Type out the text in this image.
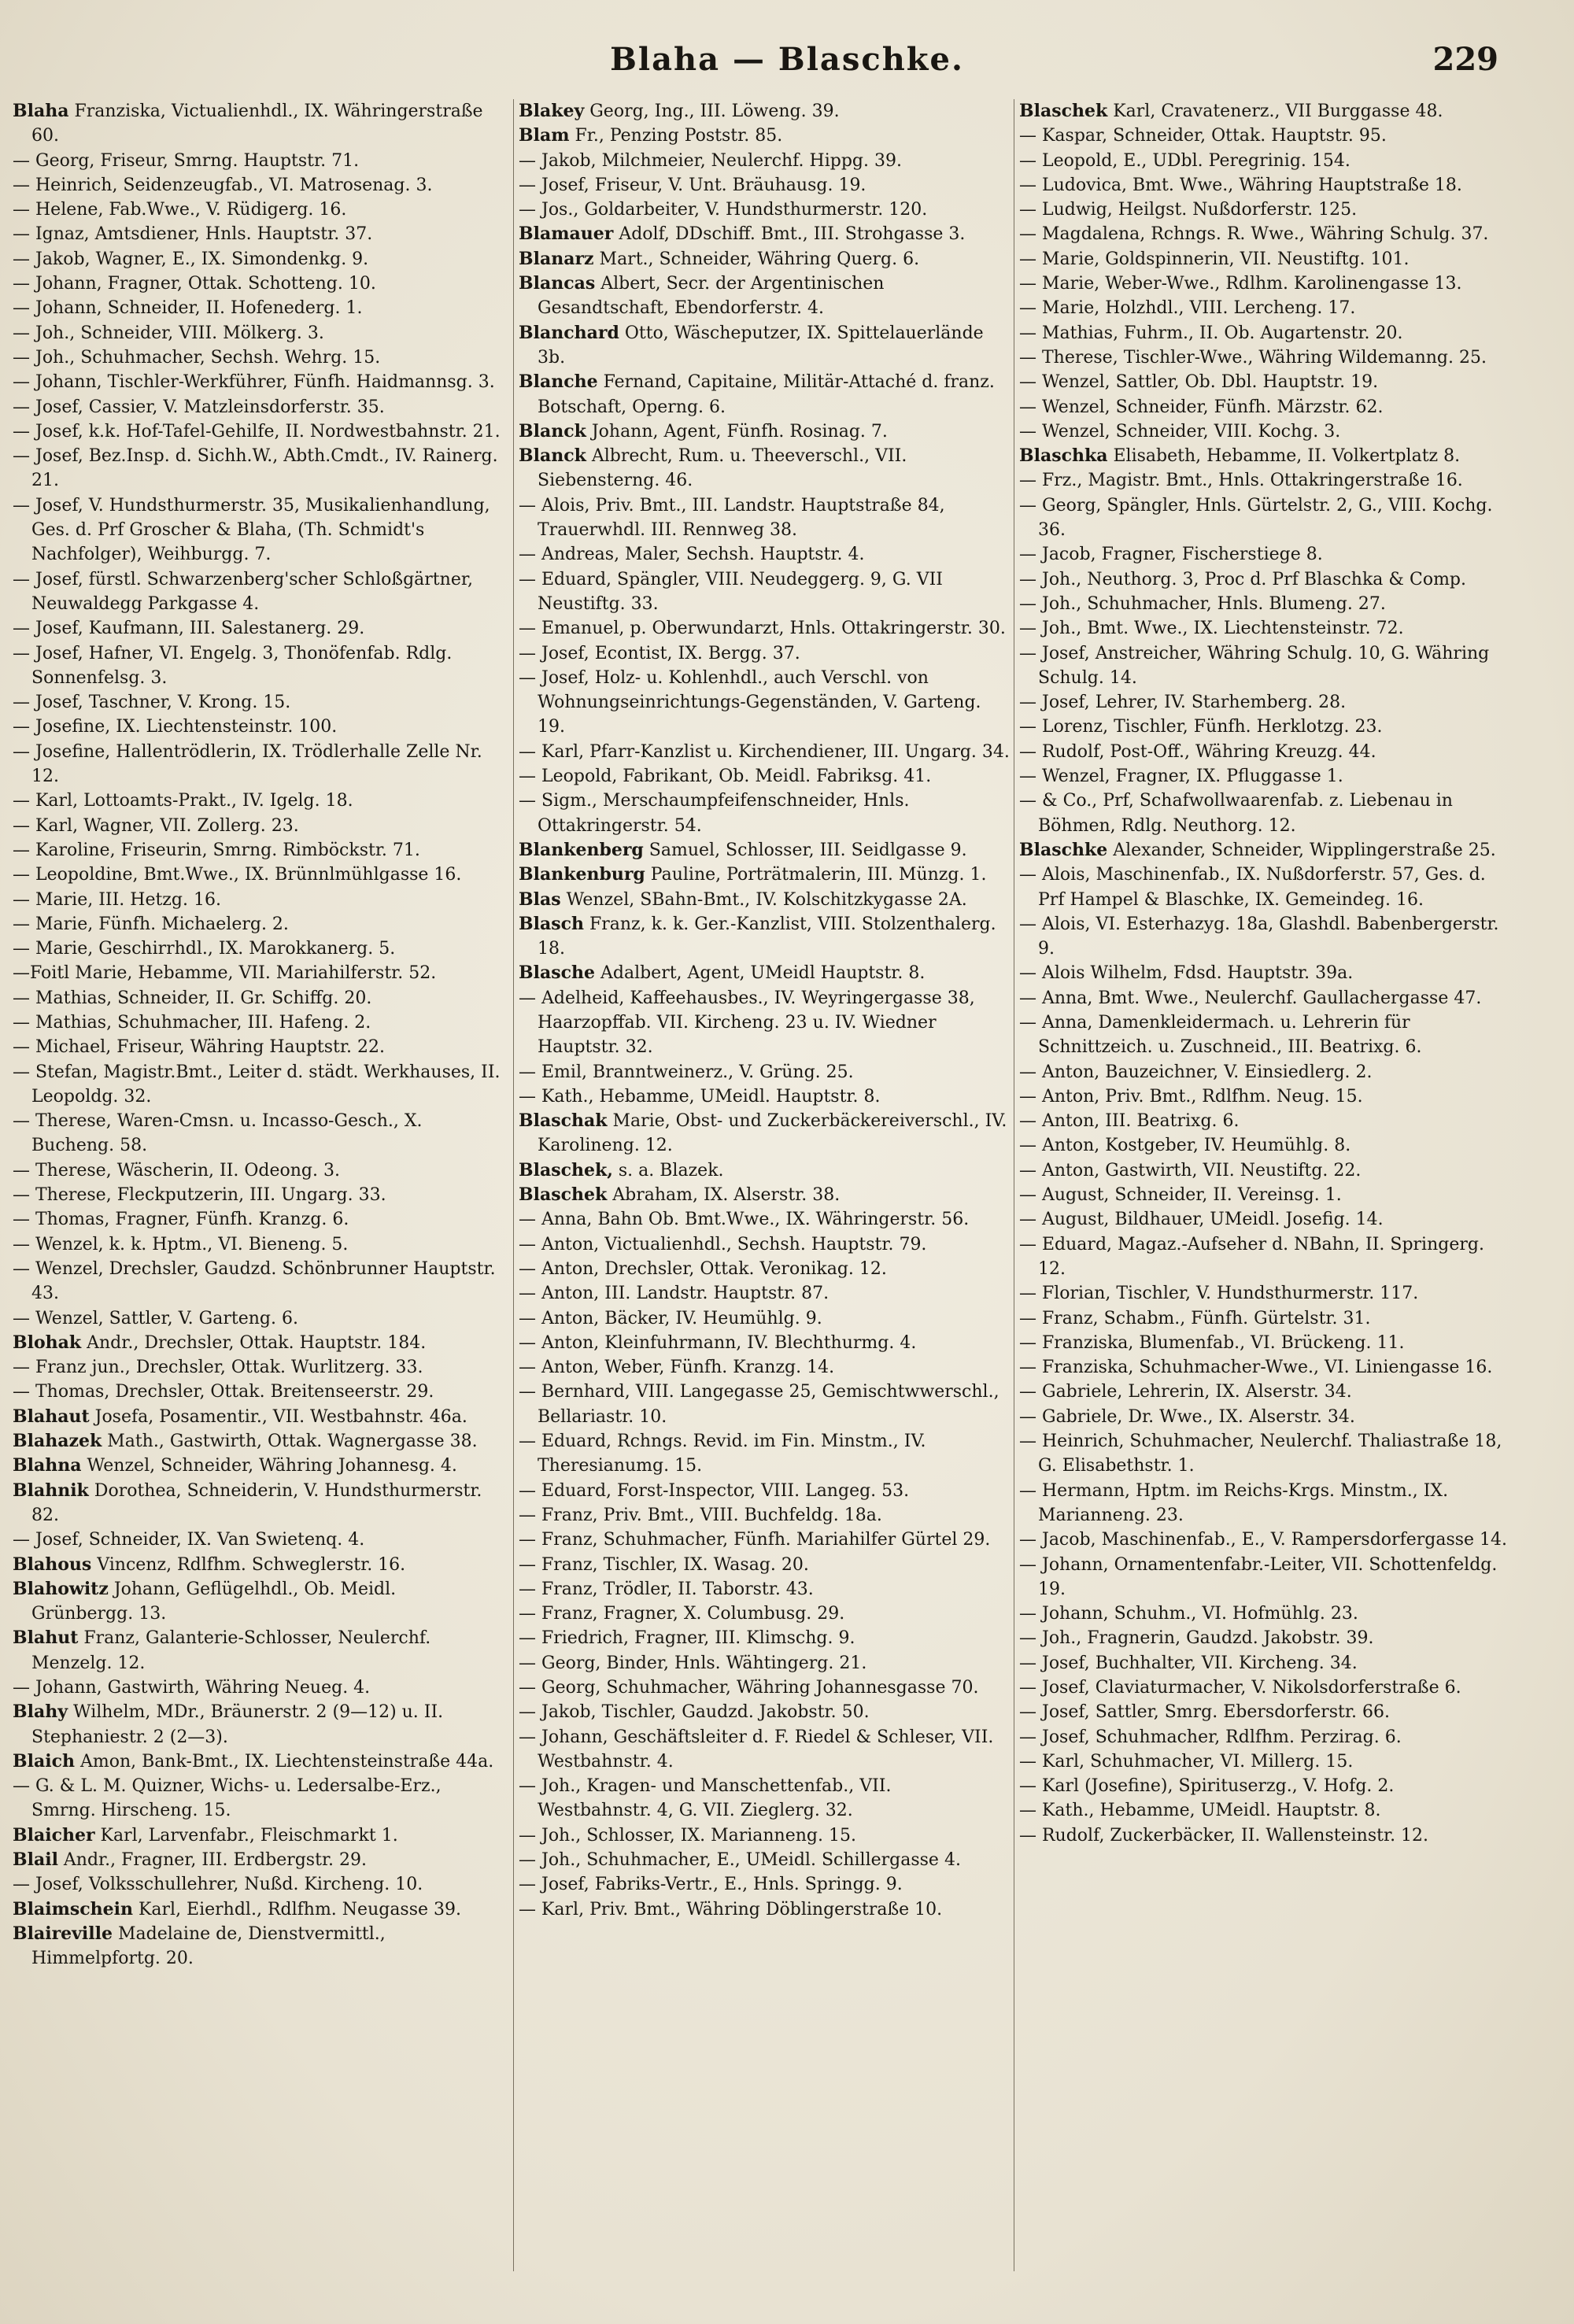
Blaha — Blaschke.	229

Blaha Franziska, Victualienhdl., IX. Währingerstraße 60.

— Georg, Friseur, Smrng. Hauptstr. 71.

— Heinrich, Seidenzeugfab., VI. Matrosenag. 3.

— Helene, Fab.Wwe., V. Rüdigerg. 16.

— Ignaz, Amtsdiener, Hnls. Hauptstr. 37.

— Jakob, Wagner, E., IX. Simondenkg. 9.

— Johann, Fragner, Ottak. Schotteng. 10.

— Johann, Schneider, II. Hofenederg. 1.

— Joh., Schneider, VIII. Mölkerg. 3.

— Joh., Schuhmacher, Sechsh. Wehrg. 15.

— Johann, Tischler-Werkführer, Fünfh. Haidmannsg. 3.

— Josef, Cassier, V. Matzleinsdorferstr. 35.

— Josef, k.k. Hof-Tafel-Gehilfe, II. Nordwestbahnstr. 21.

— Josef, Bez.Insp. d. Sichh.W., Abth.Cmdt., IV. Rainerg. 21.

— Josef, V. Hundsthurmerstr. 35, Musikalienhandlung, Ges. d. Prf Groscher & Blaha, (Th. Schmidt's Nachfolger), Weihburgg. 7.

— Josef, fürstl. Schwarzenberg'scher Schloßgärtner, Neuwaldegg Parkgasse 4.

— Josef, Kaufmann, III. Salestanerg. 29.

— Josef, Hafner, VI. Engelg. 3, Thonöfenfab. Rdlg. Sonnenfelsg. 3.

— Josef, Taschner, V. Krong. 15.

— Josefine, IX. Liechtensteinstr. 100.

— Josefine, Hallentrödlerin, IX. Trödlerhalle Zelle Nr. 12.

— Karl, Lottoamts-Prakt., IV. Igelg. 18.

— Karl, Wagner, VII. Zollerg. 23.

— Karoline, Friseurin, Smrng. Rimböckstr. 71.

— Leopoldine, Bmt.Wwe., IX. Brünnlmühlgasse 16.

— Marie, III. Hetzg. 16.

— Marie, Fünfh. Michaelerg. 2.

— Marie, Geschirrhdl., IX. Marokkanerg. 5.

—Foitl Marie, Hebamme, VII. Mariahilferstr. 52.

— Mathias, Schneider, II. Gr. Schiffg. 20.

— Mathias, Schuhmacher, III. Hafeng. 2.

— Michael, Friseur, Währing Hauptstr. 22.

— Stefan, Magistr.Bmt., Leiter d. städt. Werkhauses, II. Leopoldg. 32.

— Therese, Waren-Cmsn. u. Incasso-Gesch., X. Bucheng. 58.

— Therese, Wäscherin, II. Odeong. 3.

— Therese, Fleckputzerin, III. Ungarg. 33.

— Thomas, Fragner, Fünfh. Kranzg. 6.

— Wenzel, k. k. Hptm., VI. Bieneng. 5.

— Wenzel, Drechsler, Gaudzd. Schönbrunner Hauptstr. 43.

— Wenzel, Sattler, V. Garteng. 6.

Blohak Andr., Drechsler, Ottak. Hauptstr. 184.

— Franz jun., Drechsler, Ottak. Wurlitzerg. 33.

— Thomas, Drechsler, Ottak. Breitenseerstr. 29.

Blahaut Josefa, Posamentir., VII. Westbahnstr. 46a.

Blahazek Math., Gastwirth, Ottak. Wagnergasse 38.

Blahna Wenzel, Schneider, Währing Johannesg. 4.

Blahnik Dorothea, Schneiderin, V. Hundsthurmerstr. 82.

— Josef, Schneider, IX. Van Swietenq. 4.

Blahous Vincenz, Rdlfhm. Schweglerstr. 16.

Blahowitz Johann, Geflügelhdl., Ob. Meidl. Grünbergg. 13.

Blahut Franz, Galanterie-Schlosser, Neulerchf. Menzelg. 12.

— Johann, Gastwirth, Währing Neueg. 4.

Blahy Wilhelm, MDr., Bräunerstr. 2 (9—12) u. II. Stephaniestr. 2 (2—3).

Blaich Amon, Bank-Bmt., IX. Liechtensteinstraße 44a.

— G. & L. M. Quizner, Wichs- u. Ledersalbe-Erz., Smrng. Hirscheng. 15.

Blaicher Karl, Larvenfabr., Fleischmarkt 1.

Blail Andr., Fragner, III. Erdbergstr. 29.

— Josef, Volksschullehrer, Nußd. Kircheng. 10.

Blaimschein Karl, Eierhdl., Rdlfhm. Neugasse 39.

Blaireville Madelaine de, Dienstvermittl., Himmelpfortg. 20.

Blakey Georg, Ing., III. Löweng. 39.

Blam Fr., Penzing Poststr. 85.

— Jakob, Milchmeier, Neulerchf. Hippg. 39.

— Josef, Friseur, V. Unt. Bräuhausg. 19.

— Jos., Goldarbeiter, V. Hundsthurmerstr. 120.

Blamauer Adolf, DDschiff. Bmt., III. Strohgasse 3.

Blanarz Mart., Schneider, Währing Querg. 6.

Blancas Albert, Secr. der Argentinischen Gesandtschaft, Ebendorferstr. 4.

Blanchard Otto, Wäscheputzer, IX. Spittelauerlände 3b.

Blanche Fernand, Capitaine, Militär-Attaché d. franz. Botschaft, Operng. 6.

Blanck Johann, Agent, Fünfh. Rosinag. 7.

Blanck Albrecht, Rum. u. Theeverschl., VII. Siebensterng. 46.

— Alois, Priv. Bmt., III. Landstr. Hauptstraße 84, Trauerwhdl. III. Rennweg 38.

— Andreas, Maler, Sechsh. Hauptstr. 4.

— Eduard, Spängler, VIII. Neudeggerg. 9, G. VII Neustiftg. 33.

— Emanuel, p. Oberwundarzt, Hnls. Ottakringerstr. 30.

— Josef, Econtist, IX. Bergg. 37.

— Josef, Holz- u. Kohlenhdl., auch Verschl. von Wohnungseinrichtungs-Gegenständen, V. Garteng. 19.

— Karl, Pfarr-Kanzlist u. Kirchendiener, III. Ungarg. 34.

— Leopold, Fabrikant, Ob. Meidl. Fabriksg. 41.

— Sigm., Merschaumpfeifenschneider, Hnls. Ottakringerstr. 54.

Blankenberg Samuel, Schlosser, III. Seidlgasse 9.

Blankenburg Pauline, Porträtmalerin, III. Münzg. 1.

Blas Wenzel, SBahn-Bmt., IV. Kolschitzkygasse 2A.

Blasch Franz, k. k. Ger.-Kanzlist, VIII. Stolzenthalerg. 18.

Blasche Adalbert, Agent, UMeidl Hauptstr. 8.

— Adelheid, Kaffeehausbes., IV. Weyringergasse 38, Haarzopffab. VII. Kircheng. 23 u. IV. Wiedner Hauptstr. 32.

— Emil, Branntweinerz., V. Grüng. 25.

— Kath., Hebamme, UMeidl. Hauptstr. 8.

Blaschak Marie, Obst- und Zuckerbäckereiverschl., IV. Karolineng. 12.

Blaschek, s. a. Blazek.

Blaschek Abraham, IX. Alserstr. 38.

— Anna, Bahn Ob. Bmt.Wwe., IX. Währingerstr. 56.

— Anton, Victualienhdl., Sechsh. Hauptstr. 79.

— Anton, Drechsler, Ottak. Veronikag. 12.

— Anton, III. Landstr. Hauptstr. 87.

— Anton, Bäcker, IV. Heumühlg. 9.

— Anton, Kleinfuhrmann, IV. Blechthurmg. 4.

— Anton, Weber, Fünfh. Kranzg. 14.

— Bernhard, VIII. Langegasse 25, Gemischtwwerschl., Bellariastr. 10.

— Eduard, Rchngs. Revid. im Fin. Minstm., IV. Theresianumg. 15.

— Eduard, Forst-Inspector, VIII. Langeg. 53.

— Franz, Priv. Bmt., VIII. Buchfeldg. 18a.

— Franz, Schuhmacher, Fünfh. Mariahilfer Gürtel 29.

— Franz, Tischler, IX. Wasag. 20.

— Franz, Trödler, II. Taborstr. 43.

— Franz, Fragner, X. Columbusg. 29.

— Friedrich, Fragner, III. Klimschg. 9.

— Georg, Binder, Hnls. Wähtingerg. 21.

— Georg, Schuhmacher, Währing Johannesgasse 70.

— Jakob, Tischler, Gaudzd. Jakobstr. 50.

— Johann, Geschäftsleiter d. F. Riedel & Schleser, VII. Westbahnstr. 4.

— Joh., Kragen- und Manschettenfab., VII. Westbahnstr. 4, G. VII. Zieglerg. 32.

— Joh., Schlosser, IX. Marianneng. 15.

— Joh., Schuhmacher, E., UMeidl. Schillergasse 4.

— Josef, Fabriks-Vertr., E., Hnls. Springg. 9.

— Karl, Priv. Bmt., Währing Döblingerstraße 10.

Blaschek Karl, Cravatenerz., VII Burggasse 48.

— Kaspar, Schneider, Ottak. Hauptstr. 95.

— Leopold, E., UDbl. Peregrinig. 154.

— Ludovica, Bmt. Wwe., Währing Hauptstraße 18.

— Ludwig, Heilgst. Nußdorferstr. 125.

— Magdalena, Rchngs. R. Wwe., Währing Schulg. 37.

— Marie, Goldspinnerin, VII. Neustiftg. 101.

— Marie, Weber-Wwe., Rdlhm. Karolinengasse 13.

— Marie, Holzhdl., VIII. Lercheng. 17.

— Mathias, Fuhrm., II. Ob. Augartenstr. 20.

— Therese, Tischler-Wwe., Währing Wildemanng. 25.

— Wenzel, Sattler, Ob. Dbl. Hauptstr. 19.

— Wenzel, Schneider, Fünfh. Märzstr. 62.

— Wenzel, Schneider, VIII. Kochg. 3.

Blaschka Elisabeth, Hebamme, II. Volkertplatz 8.

— Frz., Magistr. Bmt., Hnls. Ottakringerstraße 16.

— Georg, Spängler, Hnls. Gürtelstr. 2, G., VIII. Kochg. 36.

— Jacob, Fragner, Fischerstiege 8.

— Joh., Neuthorg. 3, Proc d. Prf Blaschka & Comp.

— Joh., Schuhmacher, Hnls. Blumeng. 27.

— Joh., Bmt. Wwe., IX. Liechtensteinstr. 72.

— Josef, Anstreicher, Währing Schulg. 10, G. Währing Schulg. 14.

— Josef, Lehrer, IV. Starhemberg. 28.

— Lorenz, Tischler, Fünfh. Herklotzg. 23.

— Rudolf, Post-Off., Währing Kreuzg. 44.

— Wenzel, Fragner, IX. Pfluggasse 1.

— & Co., Prf, Schafwollwaarenfab. z. Liebenau in Böhmen, Rdlg. Neuthorg. 12.

Blaschke Alexander, Schneider, Wipplingerstraße 25.

— Alois, Maschinenfab., IX. Nußdorferstr. 57, Ges. d. Prf Hampel & Blaschke, IX. Gemeindeg. 16.

— Alois, VI. Esterhazyg. 18a, Glashdl. Babenbergerstr. 9.

— Alois Wilhelm, Fdsd. Hauptstr. 39a.

— Anna, Bmt. Wwe., Neulerchf. Gaullachergasse 47.

— Anna, Damenkleidermach. u. Lehrerin für Schnittzeich. u. Zuschneid., III. Beatrixg. 6.

— Anton, Bauzeichner, V. Einsiedlerg. 2.

— Anton, Priv. Bmt., Rdlfhm. Neug. 15.

— Anton, III. Beatrixg. 6.

— Anton, Kostgeber, IV. Heumühlg. 8.

— Anton, Gastwirth, VII. Neustiftg. 22.

— August, Schneider, II. Vereinsg. 1.

— August, Bildhauer, UMeidl. Josefig. 14.

— Eduard, Magaz.-Aufseher d. NBahn, II. Springerg. 12.

— Florian, Tischler, V. Hundsthurmerstr. 117.

— Franz, Schabm., Fünfh. Gürtelstr. 31.

— Franziska, Blumenfab., VI. Brückeng. 11.

— Franziska, Schuhmacher-Wwe., VI. Liniengasse 16.

— Gabriele, Lehrerin, IX. Alserstr. 34.

— Gabriele, Dr. Wwe., IX. Alserstr. 34.

— Heinrich, Schuhmacher, Neulerchf. Thaliastraße 18, G. Elisabethstr. 1.

— Hermann, Hptm. im Reichs-Krgs. Minstm., IX. Marianneng. 23.

— Jacob, Maschinenfab., E., V. Rampersdorfergasse 14.

— Johann, Ornamentenfabr.-Leiter, VII. Schottenfeldg. 19.

— Johann, Schuhm., VI. Hofmühlg. 23.

— Joh., Fragnerin, Gaudzd. Jakobstr. 39.

— Josef, Buchhalter, VII. Kircheng. 34.

— Josef, Claviaturmacher, V. Nikolsdorferstraße 6.

— Josef, Sattler, Smrg. Ebersdorferstr. 66.

— Josef, Schuhmacher, Rdlfhm. Perzirag. 6.

— Karl, Schuhmacher, VI. Millerg. 15.

— Karl (Josefine), Spirituserzg., V. Hofg. 2.

— Kath., Hebamme, UMeidl. Hauptstr. 8.

— Rudolf, Zuckerbäcker, II. Wallensteinstr. 12.
